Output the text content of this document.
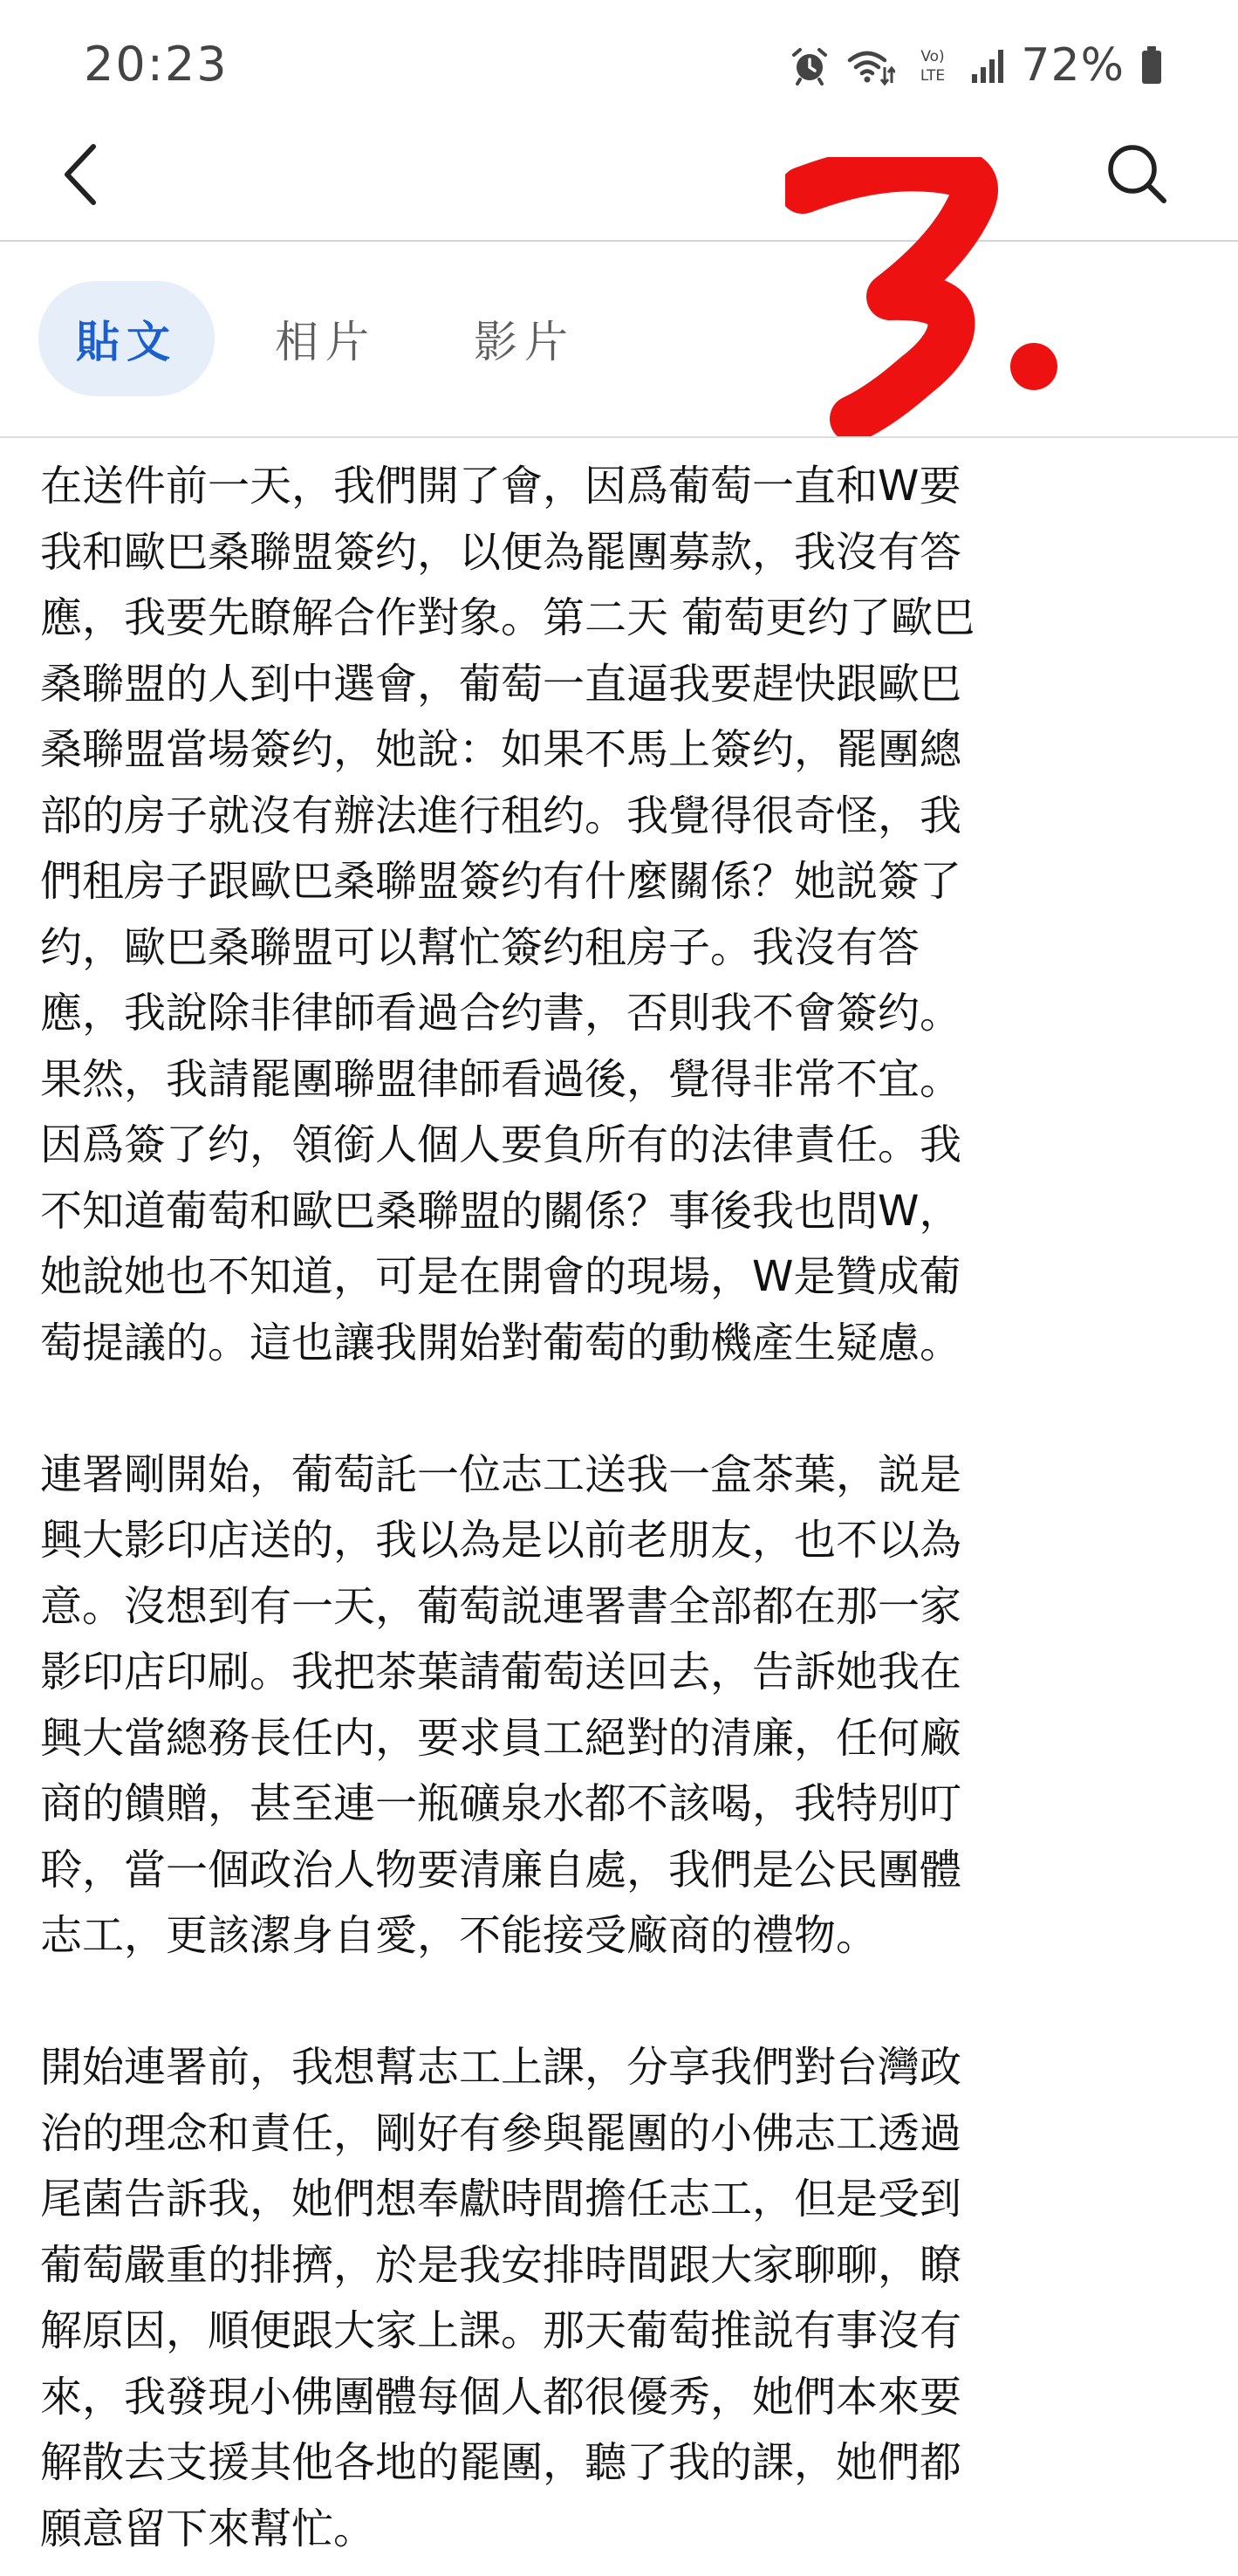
20:23	Vo)
LTE 72%
貼文	相片	影片

在送件前一天，我們開了會，因爲葡萄一直和W要
我和歐巴桑聯盟簽约，以便為罷團募款，我沒有答
應，我要先瞭解合作對象。第二天 葡萄更约了歐巴
桑聯盟的人到中選會，葡萄一直逼我要趕快跟歐巴
桑聯盟當場簽约，她說：如果不馬上簽约，罷團總
部的房子就沒有辦法進行租约。我覺得很奇怪，我
們租房子跟歐巴桑聯盟簽约有什麼關係？她説簽了
约，歐巴桑聯盟可以幫忙簽约租房子。我沒有答
應，我說除非律師看過合约書，否則我不會簽约。
果然，我請罷團聯盟律師看過後，覺得非常不宜。
因爲簽了约，領銜人個人要負所有的法律責任。我
不知道葡萄和歐巴桑聯盟的關係？事後我也問W，
她說她也不知道，可是在開會的現場，W是贊成葡
萄提議的。這也讓我開始對葡萄的動機產生疑慮。

連署剛開始，葡萄託一位志工送我一盒茶葉，説是
興大影印店送的，我以為是以前老朋友，也不以為
意。沒想到有一天，葡萄説連署書全部都在那一家
影印店印刷。我把茶葉請葡萄送回去，告訴她我在
興大當總務長任内，要求員工絕對的清廉，任何廠
商的饋贈，甚至連一瓶礦泉水都不該喝，我特別叮
聆，當一個政治人物要清廉自處，我們是公民團體
志工，更該潔身自愛，不能接受廠商的禮物。

開始連署前，我想幫志工上課，分享我們對台灣政
治的理念和責任，剛好有參與罷團的小佛志工透過
尾菌告訴我，她們想奉獻時間擔任志工，但是受到
葡萄嚴重的排擠，於是我安排時間跟大家聊聊，瞭
解原因，順便跟大家上課。那天葡萄推説有事沒有
來，我發現小佛團體每個人都很優秀，她們本來要
解散去支援其他各地的罷團，聽了我的課，她們都
願意留下來幫忙。
